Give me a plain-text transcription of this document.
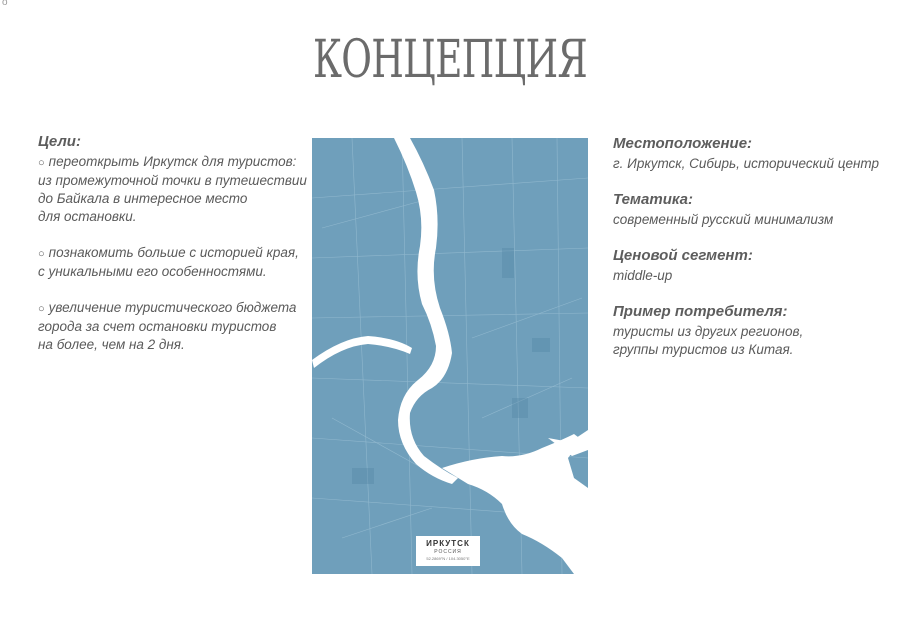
o
КОНЦЕПЦИЯ
Цели:
○ переоткрыть Иркутск для туристов:
из промежуточной точки в путешествии
до Байкала в интересное место
для остановки.
○ познакомить больше с историей края,
с уникальными его особенностями.
○ увеличение туристического бюджета
города за счет остановки туристов
на более, чем на 2 дня.
ИРКУТСК
РОССИЯ
52.2869°N / 104.3050°E
Местоположение:
г. Иркутск, Сибирь, исторический центр
Тематика:
современный русский минимализм
Ценовой сегмент:
middle-up
Пример потребителя:
туристы из других регионов,
группы туристов из Китая.
